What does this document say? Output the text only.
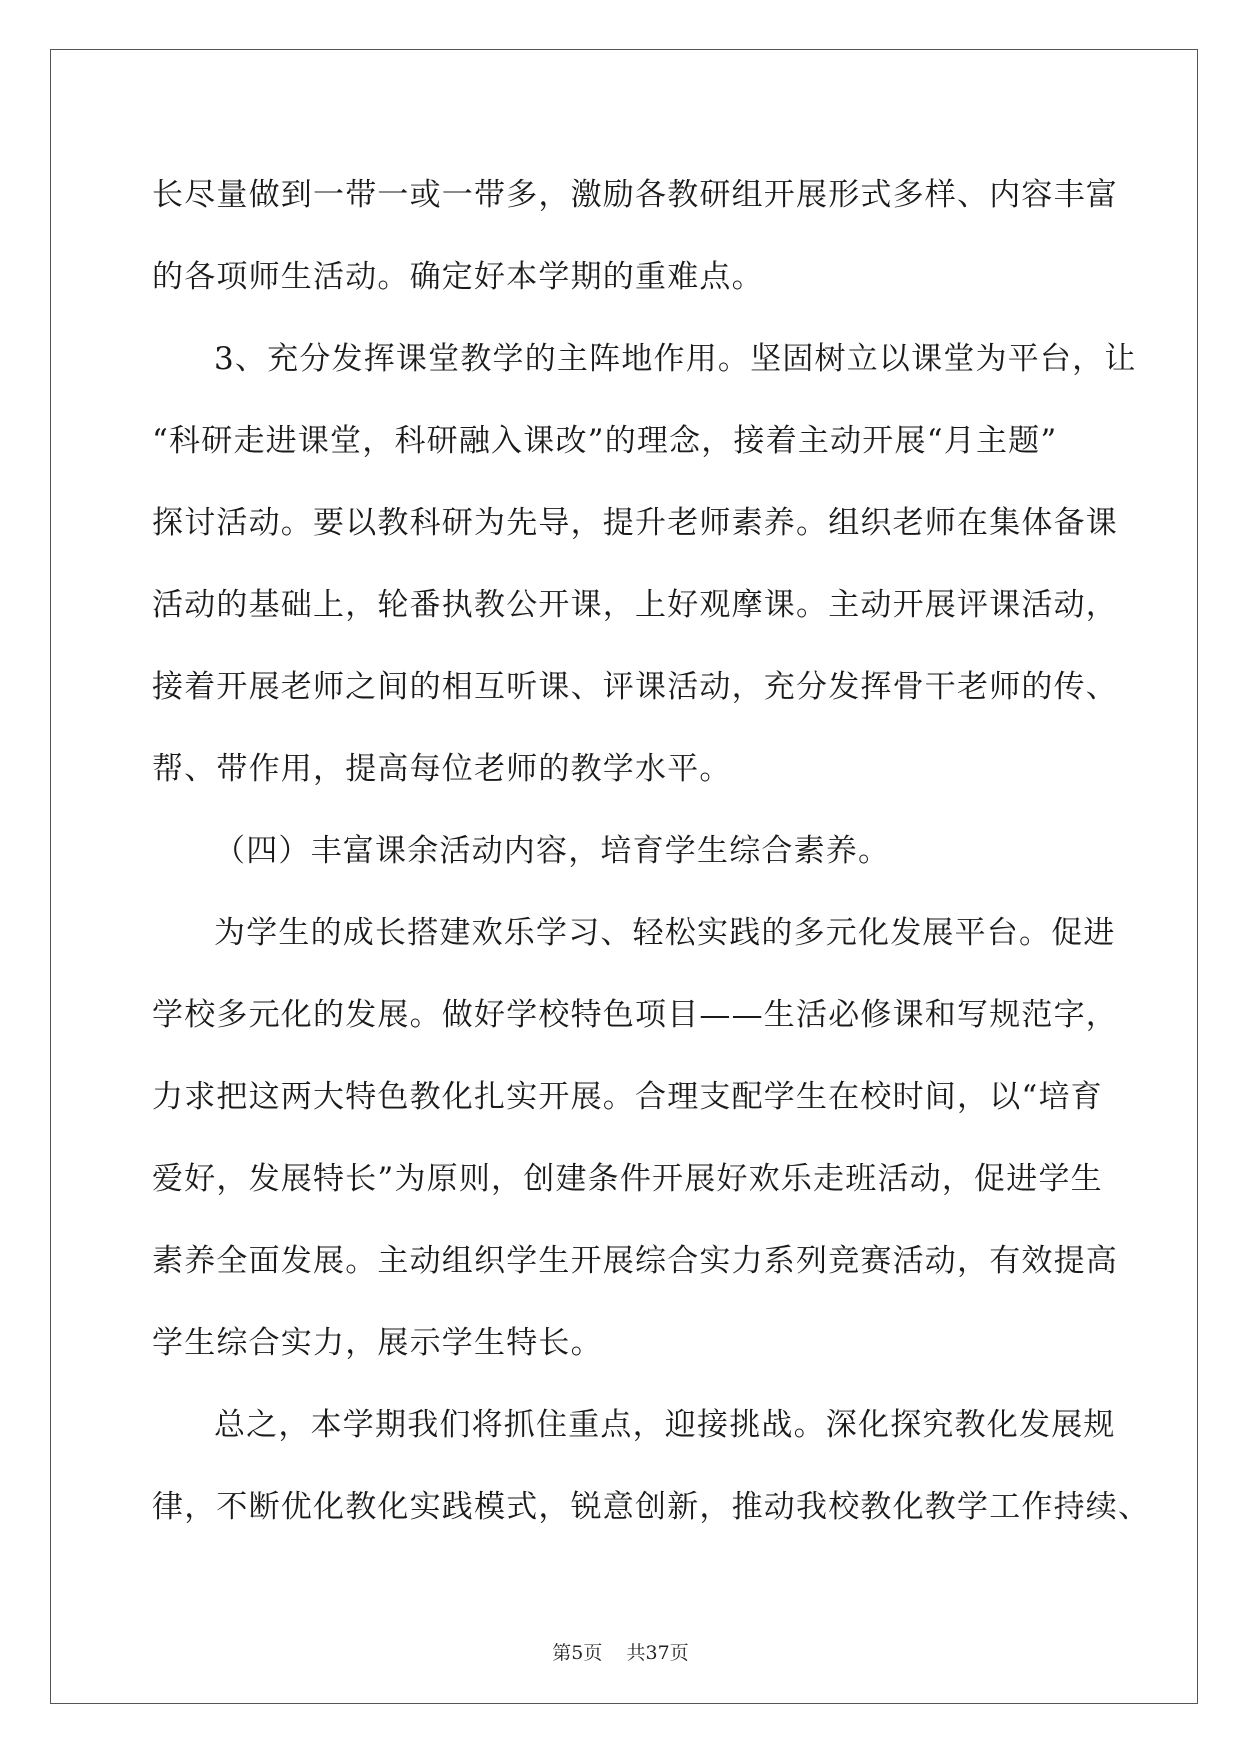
长尽量做到一带一或一带多，激励各教研组开展形式多样、内容丰富
的各项师生活动。确定好本学期的重难点。
3、充分发挥课堂教学的主阵地作用。坚固树立以课堂为平台，让
“科研走进课堂，科研融入课改”的理念，接着主动开展“月主题”
探讨活动。要以教科研为先导，提升老师素养。组织老师在集体备课
活动的基础上，轮番执教公开课，上好观摩课。主动开展评课活动，
接着开展老师之间的相互听课、评课活动，充分发挥骨干老师的传、
帮、带作用，提高每位老师的教学水平。
（四）丰富课余活动内容，培育学生综合素养。
为学生的成长搭建欢乐学习、轻松实践的多元化发展平台。促进
学校多元化的发展。做好学校特色项目——生活必修课和写规范字，
力求把这两大特色教化扎实开展。合理支配学生在校时间，以“培育
爱好，发展特长”为原则，创建条件开展好欢乐走班活动，促进学生
素养全面发展。主动组织学生开展综合实力系列竞赛活动，有效提高
学生综合实力，展示学生特长。
总之，本学期我们将抓住重点，迎接挑战。深化探究教化发展规
律，不断优化教化实践模式，锐意创新，推动我校教化教学工作持续、
第5页    共37页
